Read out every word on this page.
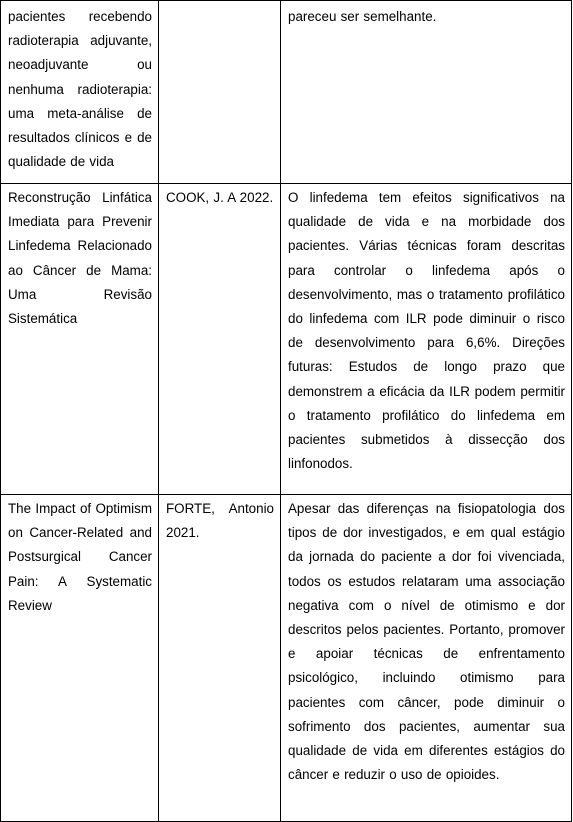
pacientes recebendo radioterapia adjuvante, neoadjuvante ou nenhuma radioterapia: uma meta-análise de resultados clínicos e de qualidade de vida		pareceu ser semelhante.

Reconstrução Linfática Imediata para Prevenir Linfedema Relacionado ao Câncer de Mama: Uma Revisão Sistemática	COOK, J. A 2022.	O linfedema tem efeitos significativos na qualidade de vida e na morbidade dos pacientes. Várias técnicas foram descritas para controlar o linfedema após o desenvolvimento, mas o tratamento profilático do linfedema com ILR pode diminuir o risco de desenvolvimento para 6,6%. Direções futuras: Estudos de longo prazo que demonstrem a eficácia da ILR podem permitir o tratamento profilático do linfedema em pacientes submetidos à dissecção dos linfonodos.

The Impact of Optimism on Cancer-Related and Postsurgical Cancer Pain: A Systematic Review	FORTE, Antonio 2021.	Apesar das diferenças na fisiopatologia dos tipos de dor investigados, e em qual estágio da jornada do paciente a dor foi vivenciada, todos os estudos relataram uma associação negativa com o nível de otimismo e dor descritos pelos pacientes. Portanto, promover e apoiar técnicas de enfrentamento psicológico, incluindo otimismo para pacientes com câncer, pode diminuir o sofrimento dos pacientes, aumentar sua qualidade de vida em diferentes estágios do câncer e reduzir o uso de opioides.
